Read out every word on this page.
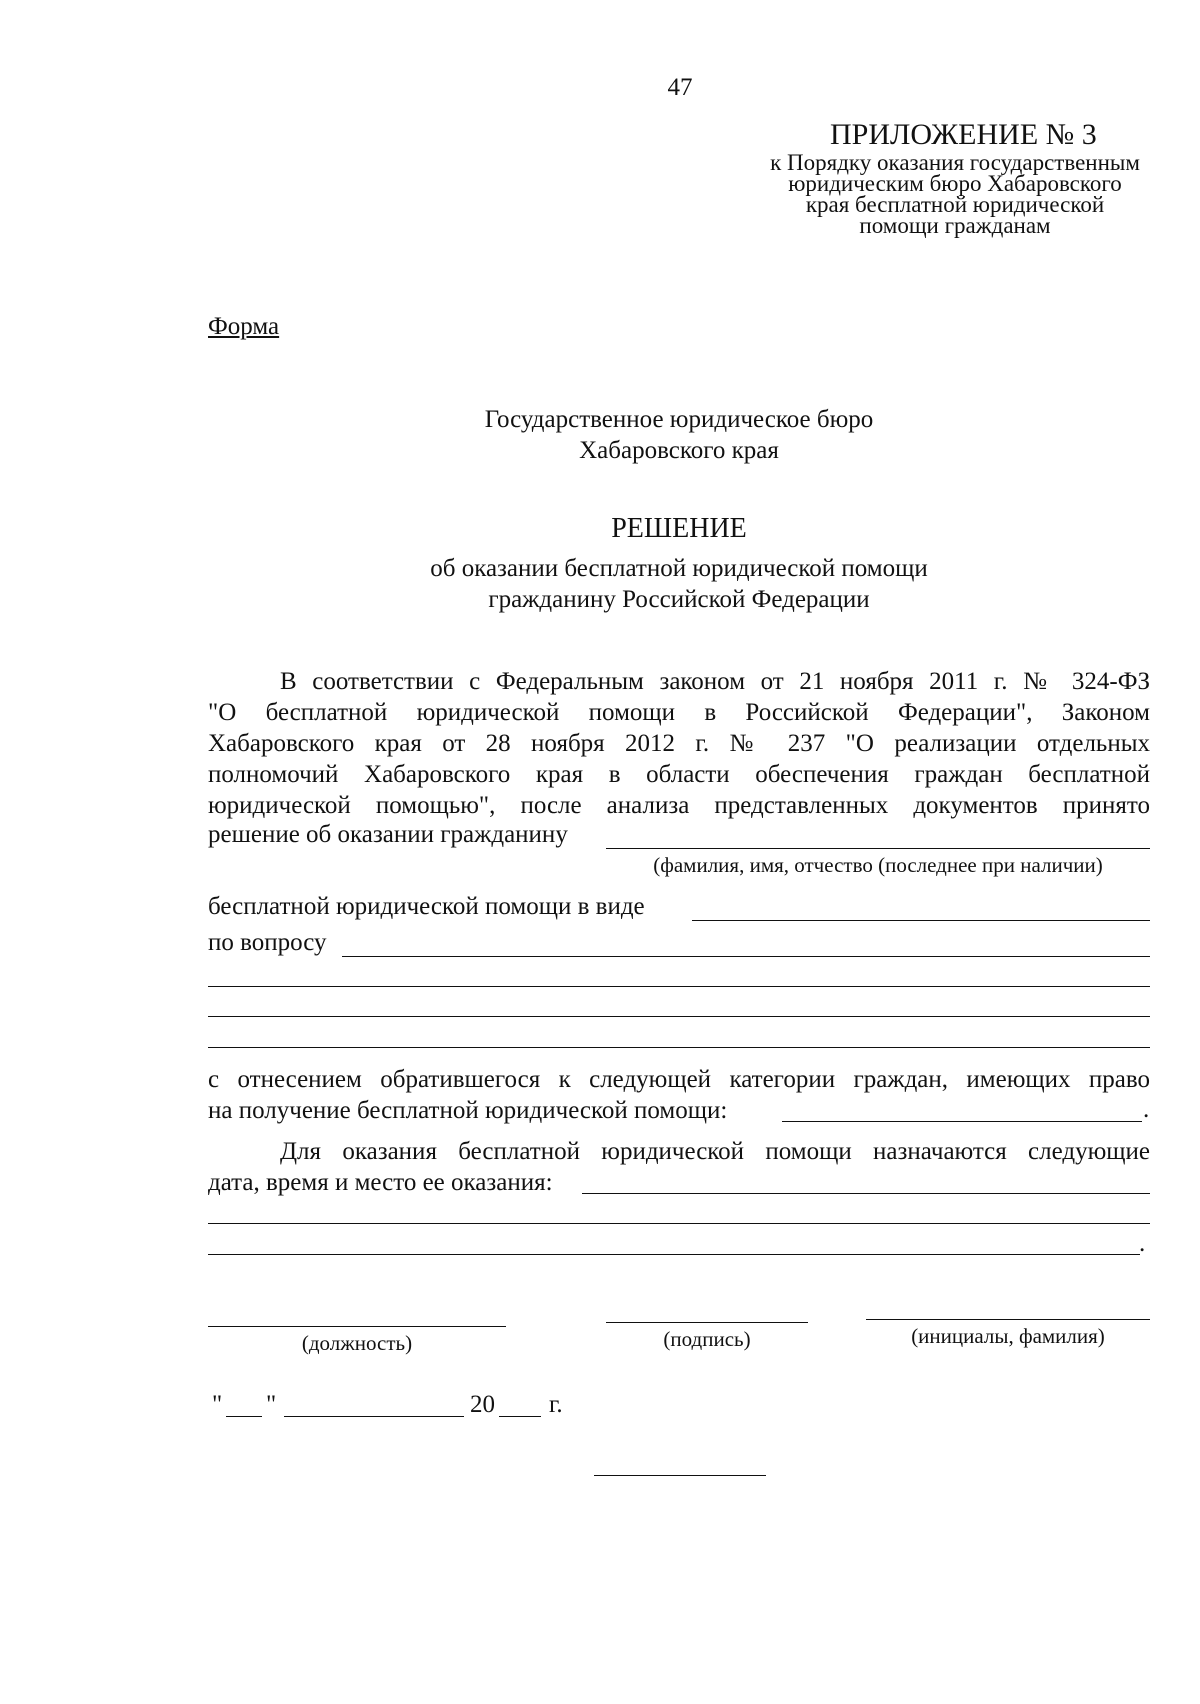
47
ПРИЛОЖЕНИЕ № 3
к Порядку оказания государственным
юридическим бюро Хабаровского
края бесплатной юридической
помощи гражданам
Форма
Государственное юридическое бюро
Хабаровского края
РЕШЕНИЕ
об оказании бесплатной юридической помощи
гражданину Российской Федерации

В соответствии с Федеральным законом от 21 ноября 2011 г. № 324-ФЗ

"О бесплатной юридической помощи в Российской Федерации", Законом

Хабаровского края от 28 ноября 2012 г. № 237 "О реализации отдельных

полномочий Хабаровского края в области обеспечения граждан бесплатной

юридической помощью", после анализа представленных документов принято

решение об оказании гражданину
(фамилия, имя, отчество (последнее при наличии)
бесплатной юридической помощи в виде
по вопросу

с отнесением обратившегося к следующей категории граждан, имеющих право

на получение бесплатной юридической помощи:	.

Для оказания бесплатной юридической помощи назначаются следующие

дата, время и место ее оказания:

.
(должность)	(подпись)	(инициалы, фамилия)
" "	20 г.
